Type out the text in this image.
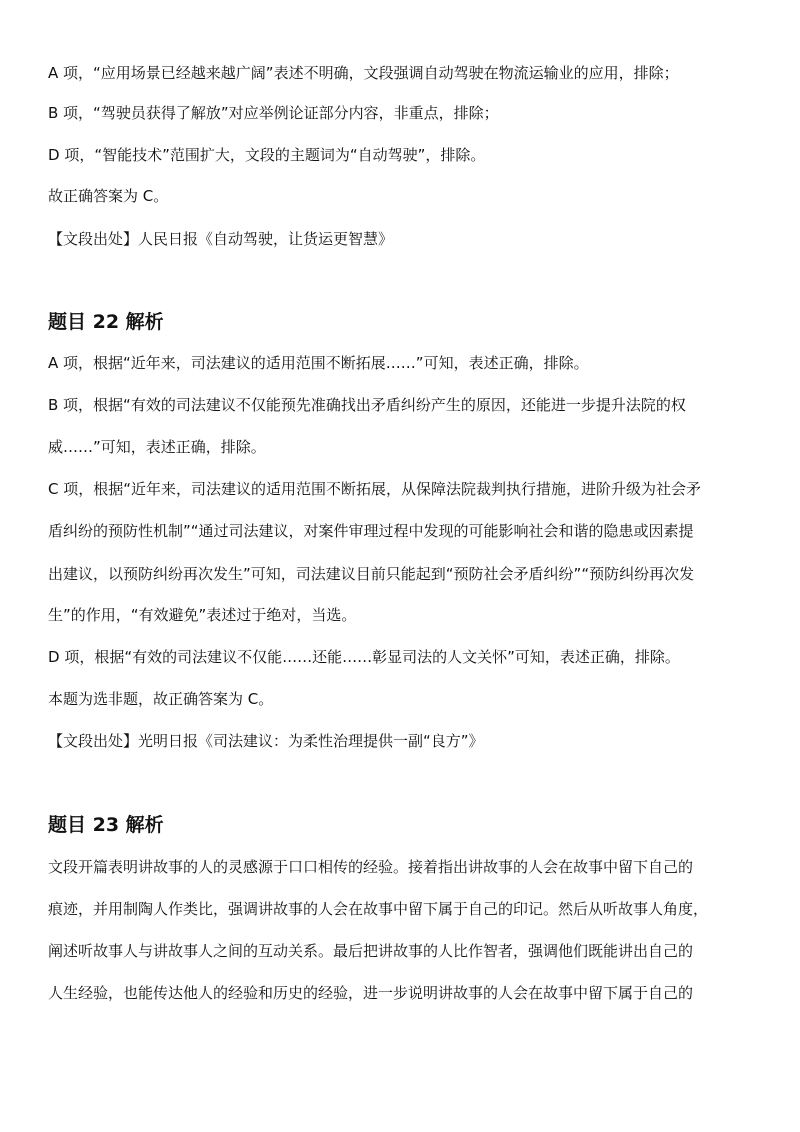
A 项，“应用场景已经越来越广阔”表述不明确，文段强调自动驾驶在物流运输业的应用，排除；
B 项，“驾驶员获得了解放”对应举例论证部分内容，非重点，排除；
D 项，“智能技术”范围扩大，文段的主题词为“自动驾驶”，排除。
故正确答案为 C。
【文段出处】人民日报《自动驾驶，让货运更智慧》
题目 22 解析
A 项，根据“近年来，司法建议的适用范围不断拓展……”可知，表述正确，排除。
B 项，根据“有效的司法建议不仅能预先准确找出矛盾纠纷产生的原因，还能进一步提升法院的权
威……”可知，表述正确，排除。
C 项，根据“近年来，司法建议的适用范围不断拓展，从保障法院裁判执行措施，进阶升级为社会矛
盾纠纷的预防性机制”“通过司法建议，对案件审理过程中发现的可能影响社会和谐的隐患或因素提
出建议，以预防纠纷再次发生”可知，司法建议目前只能起到“预防社会矛盾纠纷”“预防纠纷再次发
生”的作用，“有效避免”表述过于绝对，当选。
D 项，根据“有效的司法建议不仅能……还能……彰显司法的人文关怀”可知，表述正确，排除。
本题为选非题，故正确答案为 C。
【文段出处】光明日报《司法建议：为柔性治理提供一副“良方”》
题目 23 解析
文段开篇表明讲故事的人的灵感源于口口相传的经验。接着指出讲故事的人会在故事中留下自己的
痕迹，并用制陶人作类比，强调讲故事的人会在故事中留下属于自己的印记。然后从听故事人角度，
阐述听故事人与讲故事人之间的互动关系。最后把讲故事的人比作智者，强调他们既能讲出自己的
人生经验，也能传达他人的经验和历史的经验，进一步说明讲故事的人会在故事中留下属于自己的
